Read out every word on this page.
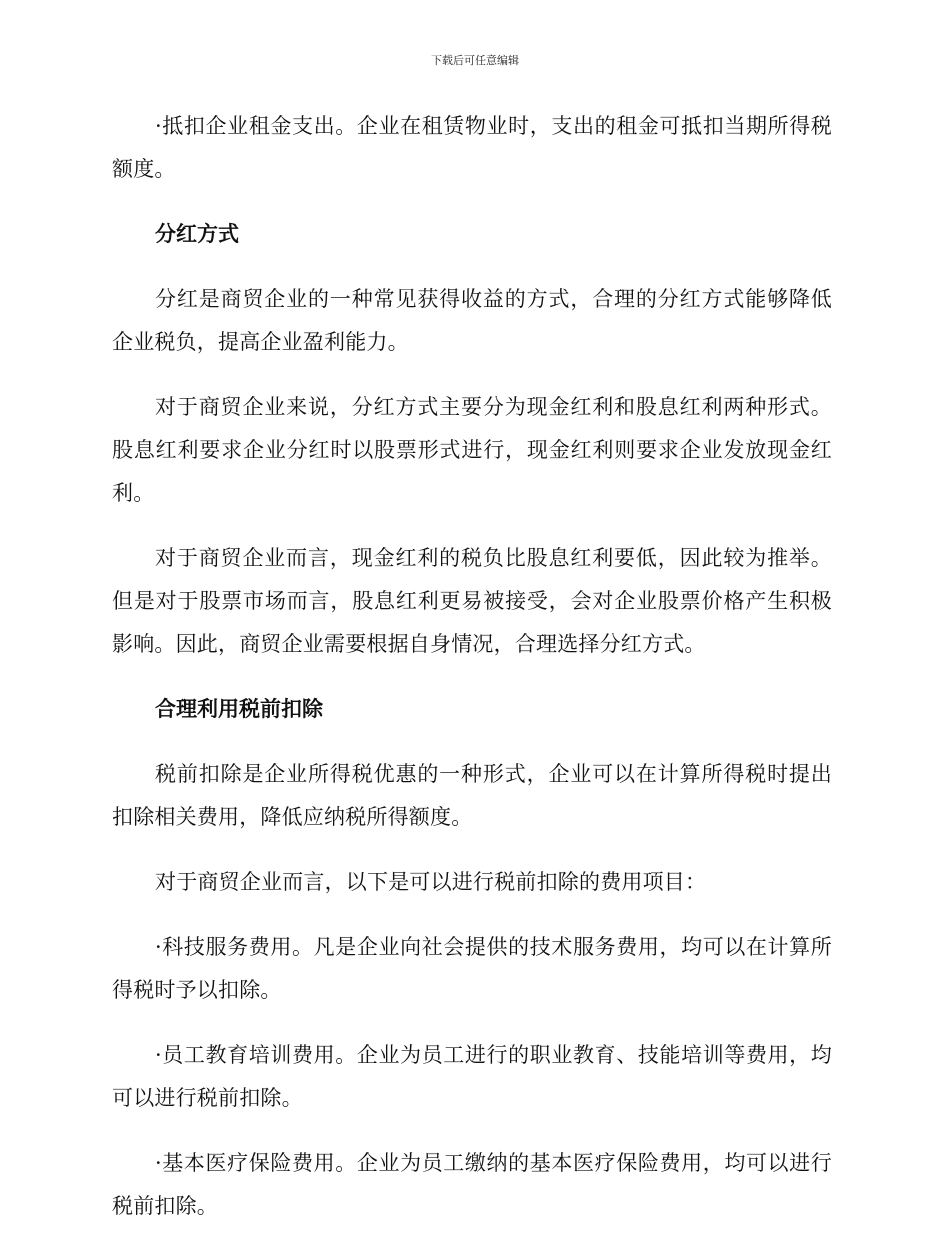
下载后可任意编辑

·抵扣企业租金支出。企业在租赁物业时，支出的租金可抵扣当期所得税额度。

分红方式

分红是商贸企业的一种常见获得收益的方式，合理的分红方式能够降低企业税负，提高企业盈利能力。

对于商贸企业来说，分红方式主要分为现金红利和股息红利两种形式。股息红利要求企业分红时以股票形式进行，现金红利则要求企业发放现金红利。

对于商贸企业而言，现金红利的税负比股息红利要低，因此较为推举。但是对于股票市场而言，股息红利更易被接受，会对企业股票价格产生积极影响。因此，商贸企业需要根据自身情况，合理选择分红方式。

合理利用税前扣除

税前扣除是企业所得税优惠的一种形式，企业可以在计算所得税时提出扣除相关费用，降低应纳税所得额度。

对于商贸企业而言，以下是可以进行税前扣除的费用项目：

·科技服务费用。凡是企业向社会提供的技术服务费用，均可以在计算所得税时予以扣除。

·员工教育培训费用。企业为员工进行的职业教育、技能培训等费用，均可以进行税前扣除。

·基本医疗保险费用。企业为员工缴纳的基本医疗保险费用，均可以进行税前扣除。
